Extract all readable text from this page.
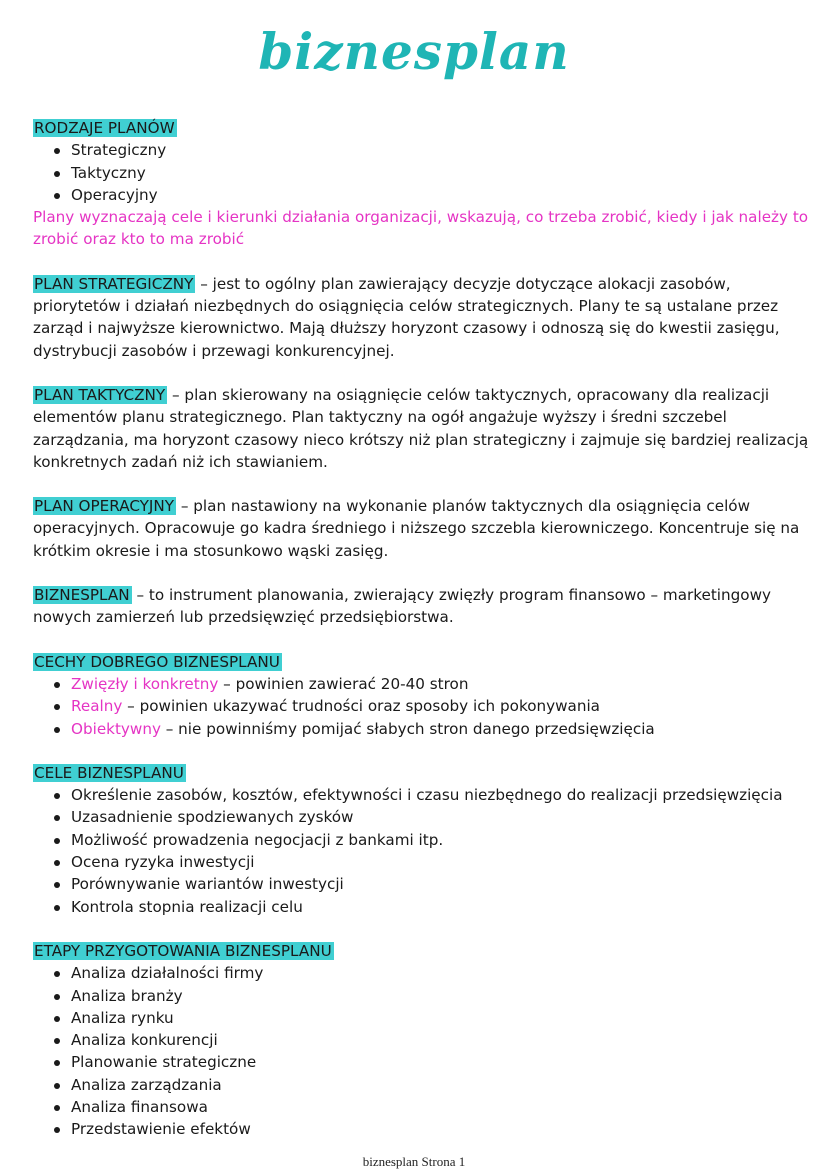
biznesplan

RODZAJE PLANÓW

Strategiczny
Taktyczny
Operacyjny

Plany wyznaczają cele i kierunki działania organizacji, wskazują, co trzeba zrobić, kiedy i jak należy to zrobić oraz kto to ma zrobić

PLAN STRATEGICZNY – jest to ogólny plan zawierający decyzje dotyczące alokacji zasobów, priorytetów i działań niezbędnych do osiągnięcia celów strategicznych. Plany te są ustalane przez zarząd i najwyższe kierownictwo. Mają dłuższy horyzont czasowy i odnoszą się do kwestii zasięgu, dystrybucji zasobów i przewagi konkurencyjnej.

PLAN TAKTYCZNY – plan skierowany na osiągnięcie celów taktycznych, opracowany dla realizacji elementów planu strategicznego. Plan taktyczny na ogół angażuje wyższy i średni szczebel zarządzania, ma horyzont czasowy nieco krótszy niż plan strategiczny i zajmuje się bardziej realizacją konkretnych zadań niż ich stawianiem.

PLAN OPERACYJNY – plan nastawiony na wykonanie planów taktycznych dla osiągnięcia celów operacyjnych. Opracowuje go kadra średniego i niższego szczebla kierowniczego. Koncentruje się na krótkim okresie i ma stosunkowo wąski zasięg.

BIZNESPLAN – to instrument planowania, zwierający zwięzły program finansowo – marketingowy nowych zamierzeń lub przedsięwzięć przedsiębiorstwa.

CECHY DOBREGO BIZNESPLANU

Zwięzły i konkretny – powinien zawierać 20-40 stron
Realny – powinien ukazywać trudności oraz sposoby ich pokonywania
Obiektywny – nie powinniśmy pomijać słabych stron danego przedsięwzięcia

CELE BIZNESPLANU

Określenie zasobów, kosztów, efektywności i czasu niezbędnego do realizacji przedsięwzięcia
Uzasadnienie spodziewanych zysków
Możliwość prowadzenia negocjacji z bankami itp.
Ocena ryzyka inwestycji
Porównywanie wariantów inwestycji
Kontrola stopnia realizacji celu

ETAPY PRZYGOTOWANIA BIZNESPLANU

Analiza działalności firmy
Analiza branży
Analiza rynku
Analiza konkurencji
Planowanie strategiczne
Analiza zarządzania
Analiza finansowa
Przedstawienie efektów
biznesplan Strona 1
